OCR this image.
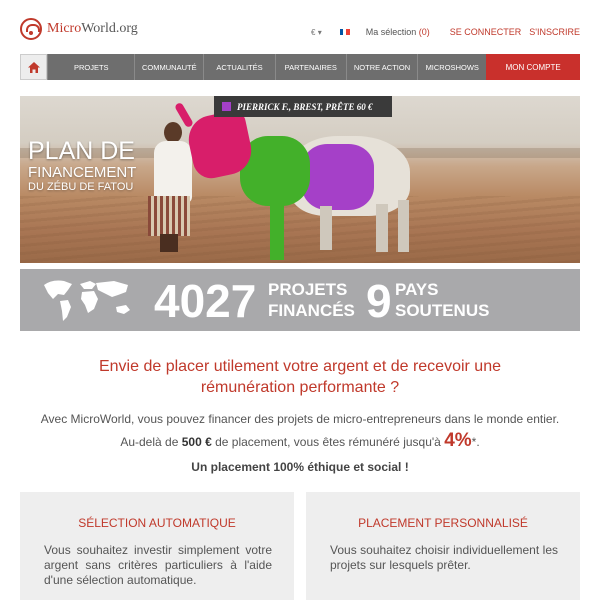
MicroWorld.org	€ ▾	Ma sélection (0) SE CONNECTER S'INSCRIRE
PROJETS	COMMUNAUTÉ	ACTUALITÉS	PARTENAIRES	NOTRE ACTION	MICROSHOWS	MON COMPTE
PIERRICK F., BREST, PRÊTE 60 €
PLAN DE
FINANCEMENT
DU ZÉBU DE FATOU
4027 PROJETS
FINANCÉS 9 PAYS
SOUTENUS
Envie de placer utilement votre argent et de recevoir une rémunération performante ?
Avec MicroWorld, vous pouvez financer des projets de micro-entrepreneurs dans le monde entier.
Au-delà de 500 € de placement, vous êtes rémunéré jusqu'à 4%*.
Un placement 100% éthique et social !
SÉLECTION AUTOMATIQUE
Vous souhaitez investir simplement votre argent sans critères particuliers à l'aide d'une sélection automatique.
PLACEMENT PERSONNALISÉ
Vous souhaitez choisir individuellement les projets sur lesquels prêter.
